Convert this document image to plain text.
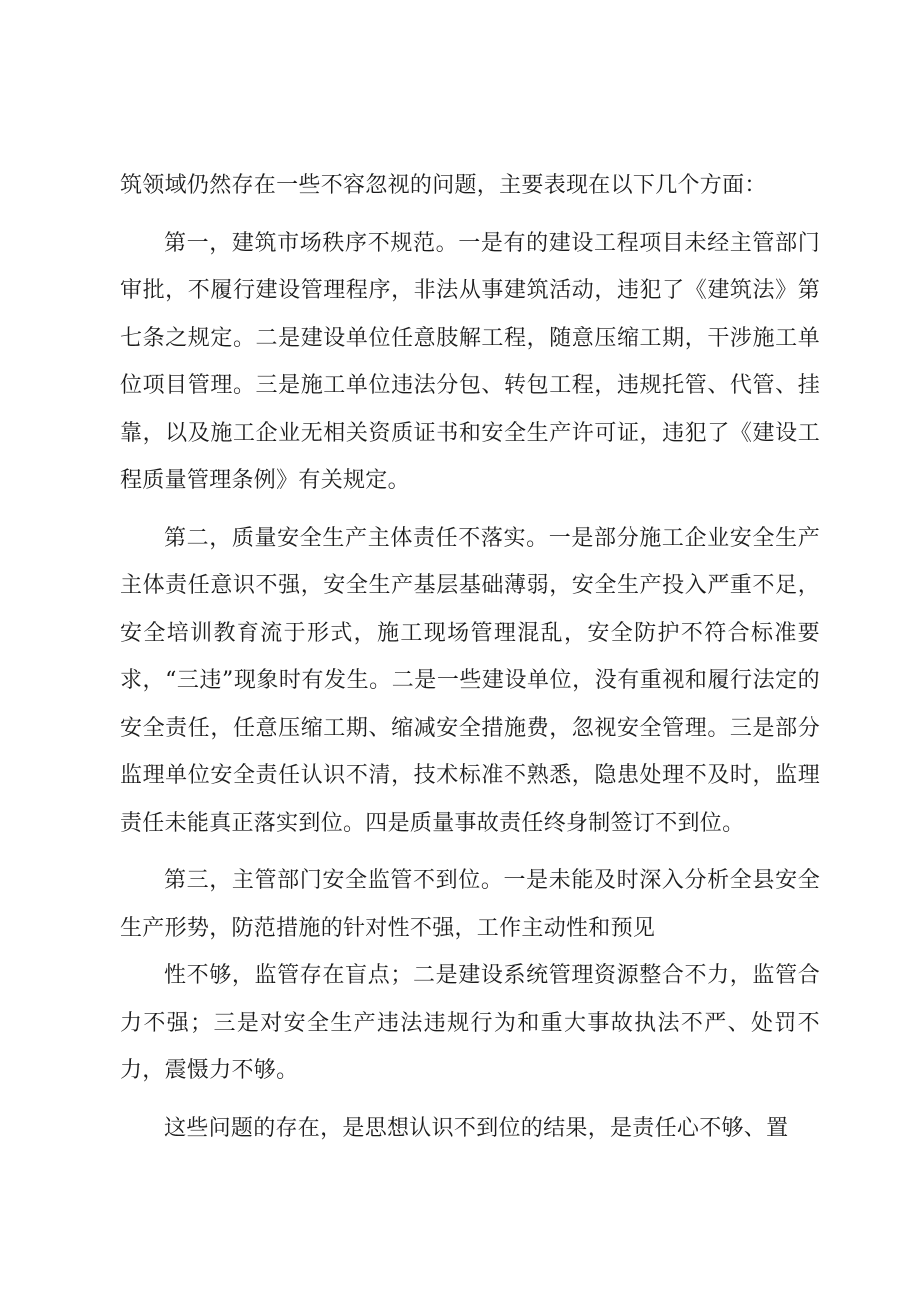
筑领域仍然存在一些不容忽视的问题，主要表现在以下几个方面：

第一，建筑市场秩序不规范。一是有的建设工程项目未经主管部门审批，不履行建设管理程序，非法从事建筑活动，违犯了《建筑法》第七条之规定。二是建设单位任意肢解工程，随意压缩工期，干涉施工单位项目管理。三是施工单位违法分包、转包工程，违规托管、代管、挂靠，以及施工企业无相关资质证书和安全生产许可证，违犯了《建设工程质量管理条例》有关规定。

第二，质量安全生产主体责任不落实。一是部分施工企业安全生产主体责任意识不强，安全生产基层基础薄弱，安全生产投入严重不足，安全培训教育流于形式，施工现场管理混乱，安全防护不符合标准要求，“三违”现象时有发生。二是一些建设单位，没有重视和履行法定的安全责任，任意压缩工期、缩减安全措施费，忽视安全管理。三是部分监理单位安全责任认识不清，技术标准不熟悉，隐患处理不及时，监理责任未能真正落实到位。四是质量事故责任终身制签订不到位。

第三，主管部门安全监管不到位。一是未能及时深入分析全县安全生产形势，防范措施的针对性不强，工作主动性和预见

性不够，监管存在盲点；二是建设系统管理资源整合不力，监管合力不强；三是对安全生产违法违规行为和重大事故执法不严、处罚不力，震慑力不够。

这些问题的存在，是思想认识不到位的结果，是责任心不够、置
